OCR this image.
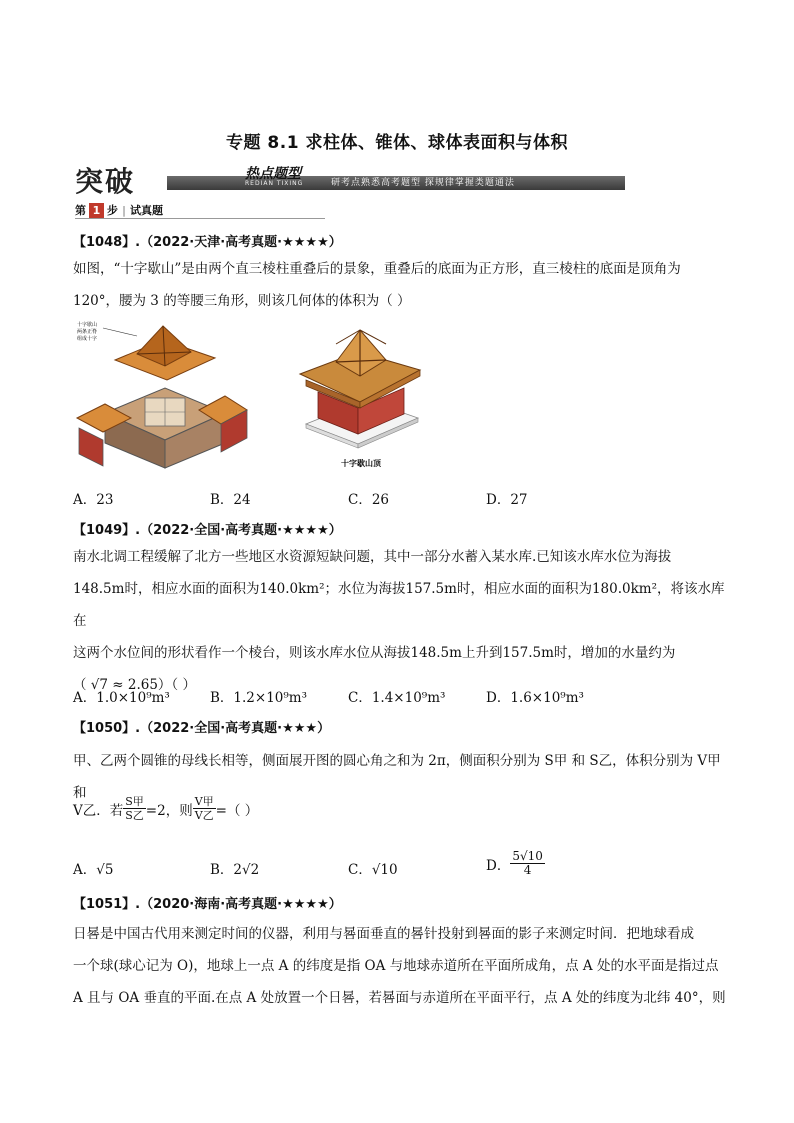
专题 8.1 求柱体、锥体、球体表面积与体积
突破	热点题型
REDIAN TIXING	研考点熟悉高考题型 探规律掌握类题通法
第 1 步 | 试真题
【1048】.（2022·天津·高考真题·★★★★）
如图，“十字歇山”是由两个直三棱柱重叠后的景象，重叠后的底面为正方形，直三棱柱的底面是顶角为
120°，腰为 3 的等腰三角形，则该几何体的体积为（ ）
十字歇山
两条正脊
组成十字
十字歇山顶
A．23	B．24	C．26	D．27
【1049】.（2022·全国·高考真题·★★★★）
南水北调工程缓解了北方一些地区水资源短缺问题，其中一部分水蓄入某水库.已知该水库水位为海拔
148.5m时，相应水面的面积为140.0km²；水位为海拔157.5m时，相应水面的面积为180.0km²，将该水库在
这两个水位间的形状看作一个棱台，则该水库水位从海拔148.5m上升到157.5m时，增加的水量约为
（ √7 ≈ 2.65）（ ）
A．1.0×10⁹m³	B．1.2×10⁹m³	C．1.4×10⁹m³	D．1.6×10⁹m³
【1050】.（2022·全国·高考真题·★★★）
甲、乙两个圆锥的母线长相等，侧面展开图的圆心角之和为 2π，侧面积分别为 S甲 和 S乙，体积分别为 V甲 和
V乙．若 $\frac{\text{S甲}}{\text{S乙}} =2$，则 $\frac{\text{V甲}}{\text{V乙}}$ =（ ）
A．√5	B．2√2	C．√10	D． $\frac{5√10}{4}$
【1051】.（2020·海南·高考真题·★★★★）
日晷是中国古代用来测定时间的仪器，利用与晷面垂直的晷针投射到晷面的影子来测定时间．把地球看成
一个球(球心记为 O)，地球上一点 A 的纬度是指 OA 与地球赤道所在平面所成角，点 A 处的水平面是指过点
A 且与 OA 垂直的平面.在点 A 处放置一个日晷，若晷面与赤道所在平面平行，点 A 处的纬度为北纬 40°，则
